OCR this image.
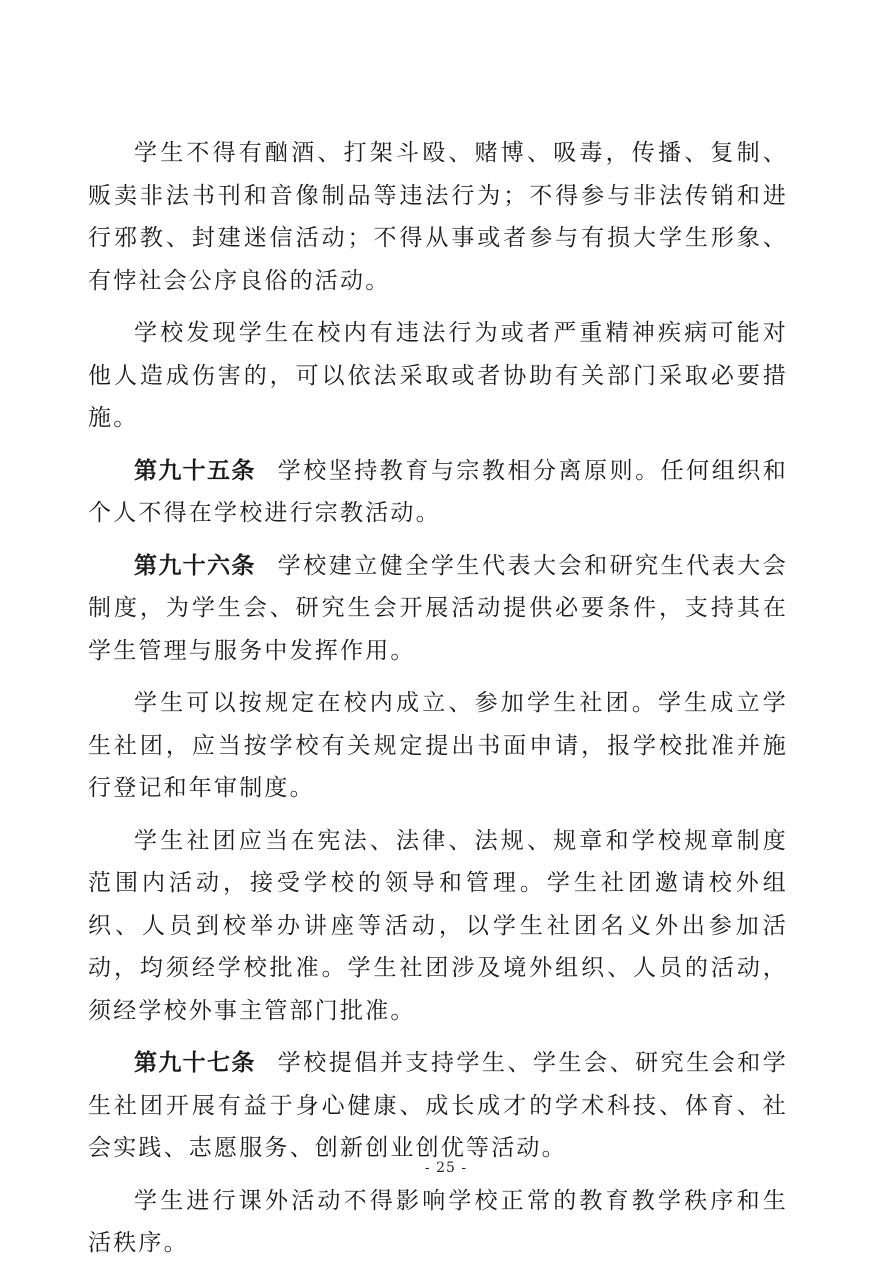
学生不得有酗酒、打架斗殴、赌博、吸毒，传播、复制、贩卖非法书刊和音像制品等违法行为；不得参与非法传销和进行邪教、封建迷信活动；不得从事或者参与有损大学生形象、有悖社会公序良俗的活动。

学校发现学生在校内有违法行为或者严重精神疾病可能对他人造成伤害的，可以依法采取或者协助有关部门采取必要措施。

第九十五条 学校坚持教育与宗教相分离原则。任何组织和个人不得在学校进行宗教活动。

第九十六条 学校建立健全学生代表大会和研究生代表大会制度，为学生会、研究生会开展活动提供必要条件，支持其在学生管理与服务中发挥作用。

学生可以按规定在校内成立、参加学生社团。学生成立学生社团，应当按学校有关规定提出书面申请，报学校批准并施行登记和年审制度。

学生社团应当在宪法、法律、法规、规章和学校规章制度范围内活动，接受学校的领导和管理。学生社团邀请校外组织、人员到校举办讲座等活动，以学生社团名义外出参加活动，均须经学校批准。学生社团涉及境外组织、人员的活动，须经学校外事主管部门批准。

第九十七条 学校提倡并支持学生、学生会、研究生会和学生社团开展有益于身心健康、成长成才的学术科技、体育、社会实践、志愿服务、创新创业创优等活动。

学生进行课外活动不得影响学校正常的教育教学秩序和生活秩序。

- 25 -
